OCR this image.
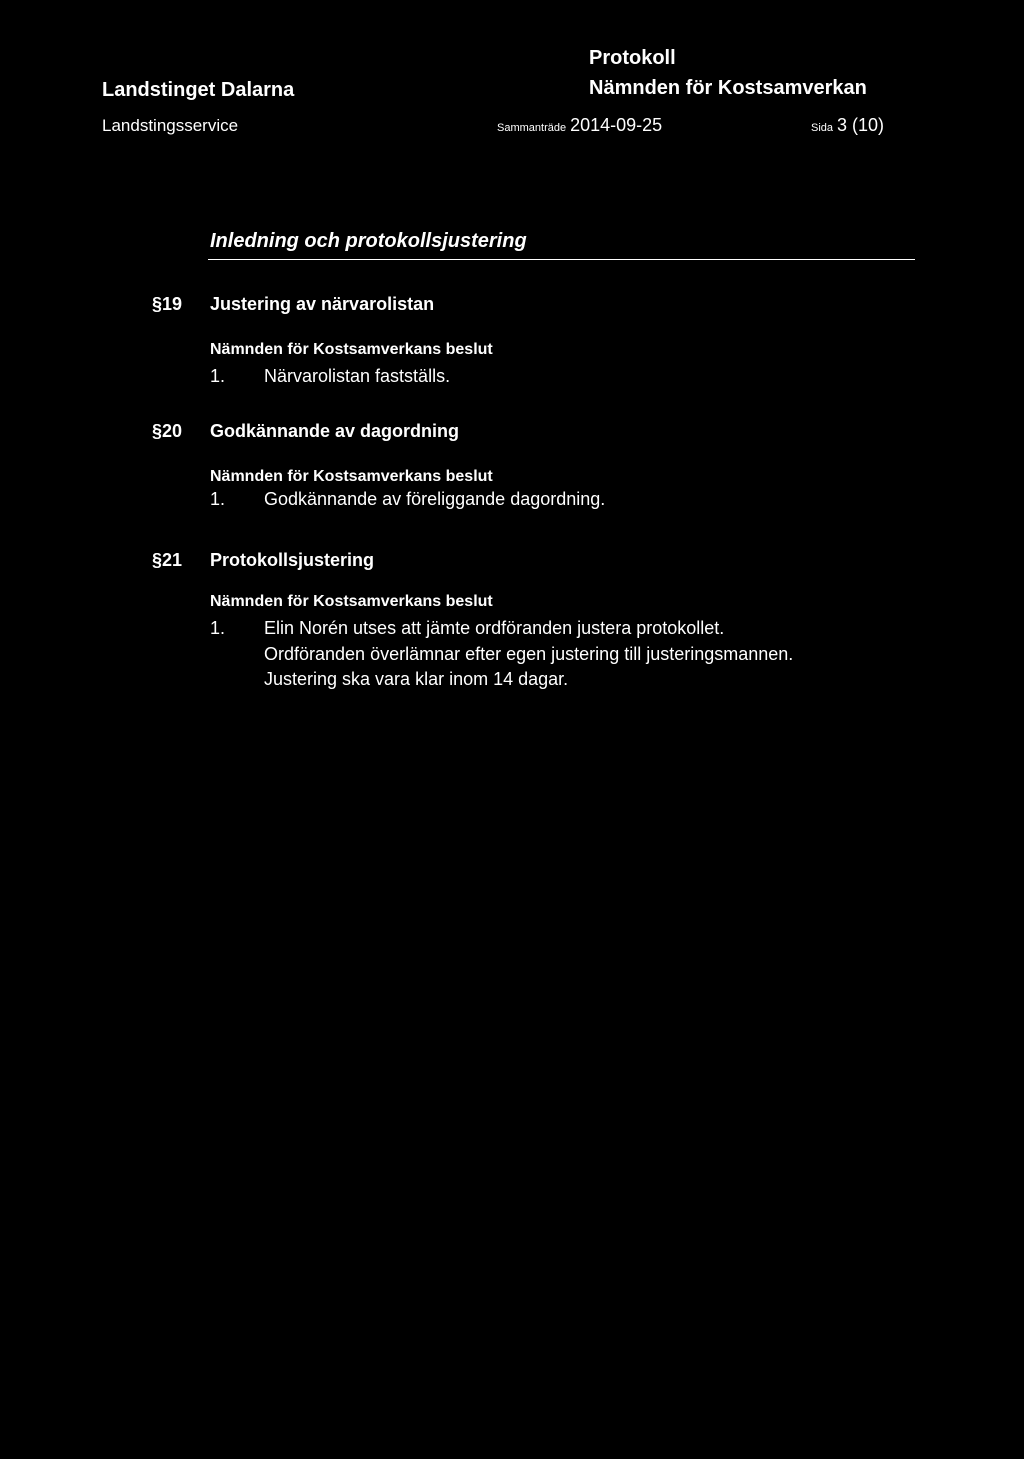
Landstinget Dalarna
Landstingsservice
Protokoll
Nämnden för Kostsamverkan
Sammanträde 2014-09-25	Sida 3 (10)
Inledning och protokollsjustering
§19 Justering av närvarolistan
Nämnden för Kostsamverkans beslut
1. Närvarolistan fastställs.
§20 Godkännande av dagordning
Nämnden för Kostsamverkans beslut
1. Godkännande av föreliggande dagordning.
§21 Protokollsjustering
Nämnden för Kostsamverkans beslut
1. Elin Norén utses att jämte ordföranden justera protokollet.
Ordföranden överlämnar efter egen justering till justeringsmannen.
Justering ska vara klar inom 14 dagar.
